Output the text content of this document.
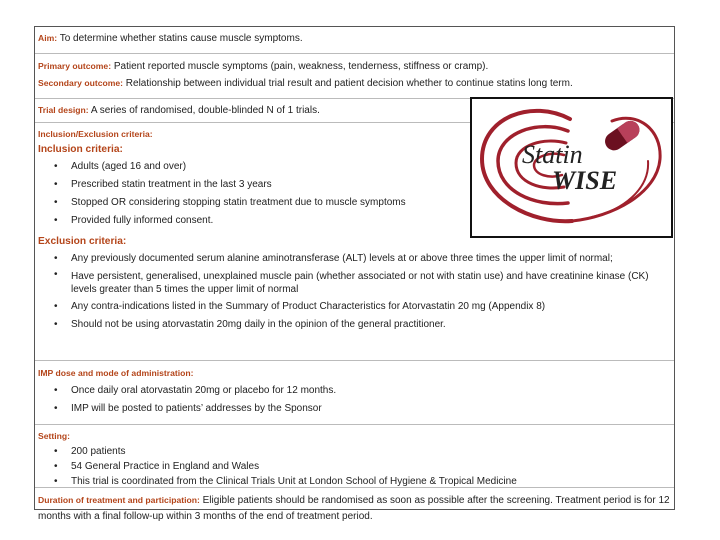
Aim: To determine whether statins cause muscle symptoms.
Primary outcome: Patient reported muscle symptoms (pain, weakness, tenderness, stiffness or cramp).
Secondary outcome: Relationship between individual trial result and patient decision whether to continue statins long term.
Trial design: A series of randomised, double-blinded N of 1 trials.
Inclusion/Exclusion criteria:
Inclusion criteria:
• Adults (aged 16 and over)
• Prescribed statin treatment in the last 3 years
• Stopped OR considering stopping statin treatment due to muscle symptoms
• Provided fully informed consent.
Exclusion criteria:
• Any previously documented serum alanine aminotransferase (ALT) levels at or above three times the upper limit of normal;
• Have persistent, generalised, unexplained muscle pain (whether associated or not with statin use) and have creatinine kinase (CK) levels greater than 5 times the upper limit of normal
• Any contra-indications listed in the Summary of Product Characteristics for Atorvastatin 20 mg (Appendix 8)
• Should not be using atorvastatin 20mg daily in the opinion of the general practitioner.
IMP dose and mode of administration:
• Once daily oral atorvastatin 20mg or placebo for 12 months.
• IMP will be posted to patients’ addresses by the Sponsor
Setting:
• 200 patients
• 54 General Practice in England and Wales
• This trial is coordinated from the Clinical Trials Unit at London School of Hygiene & Tropical Medicine
Duration of treatment and participation: Eligible patients should be randomised as soon as possible after the screening. Treatment period is for 12 months with a final follow-up within 3 months of the end of treatment period.
Statin
WISE
